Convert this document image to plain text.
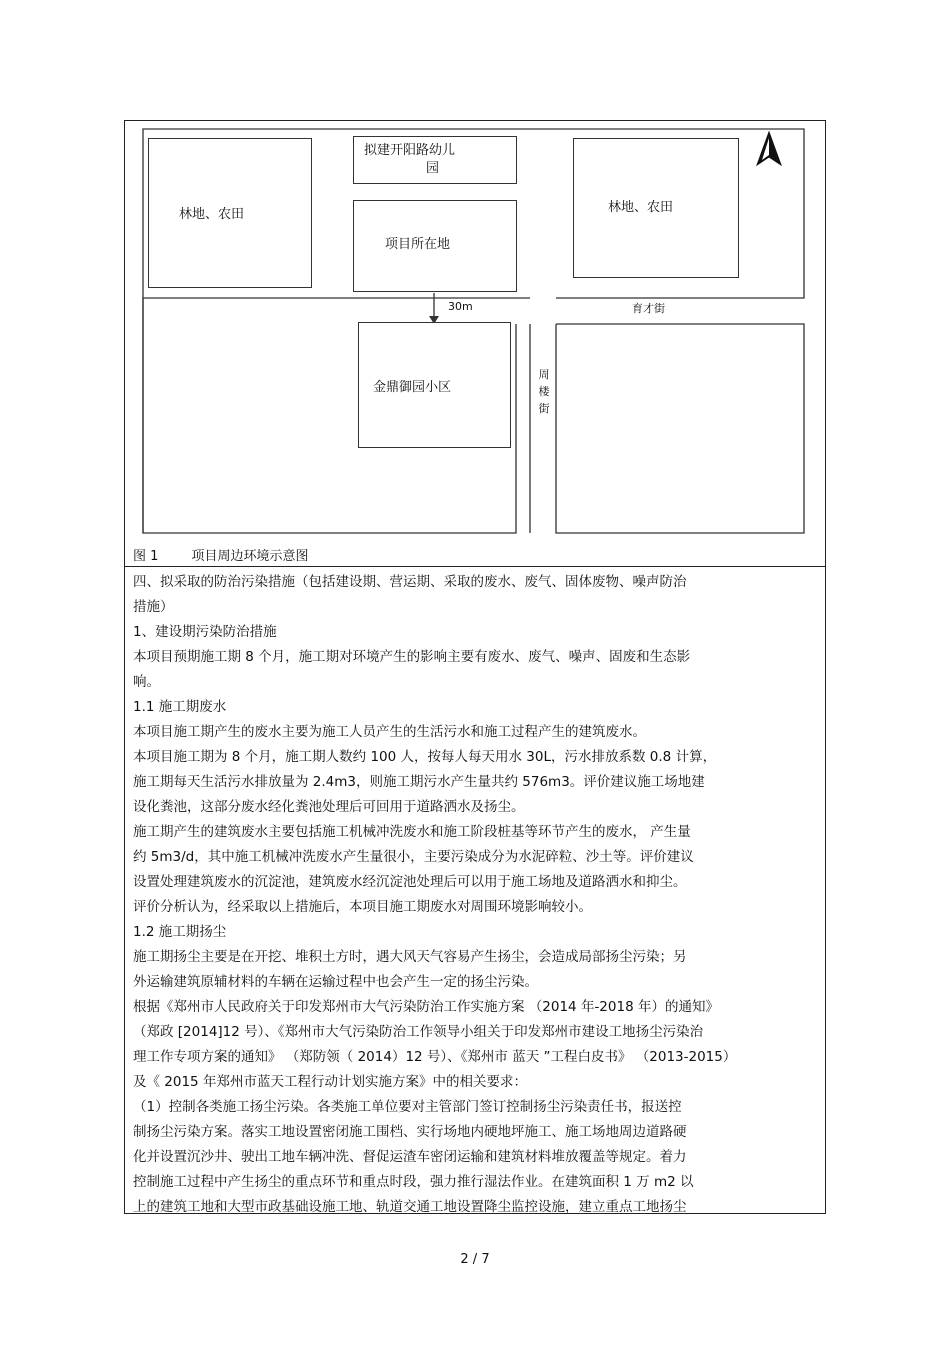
林地、农田
拟建开阳路幼儿
园
项目所在地
林地、农田
30m	育才街
金鼎御园小区
周
楼
街
图 1        项目周边环境示意图

四、拟采取的防治污染措施（包括建设期、营运期、采取的废水、废气、固体废物、噪声防治

措施）

1、建设期污染防治措施

本项目预期施工期 8 个月，施工期对环境产生的影响主要有废水、废气、噪声、固废和生态影

响。

1.1 施工期废水

本项目施工期产生的废水主要为施工人员产生的生活污水和施工过程产生的建筑废水。

本项目施工期为 8 个月，施工期人数约 100 人，按每人每天用水 30L，污水排放系数 0.8 计算，

施工期每天生活污水排放量为 2.4m3，则施工期污水产生量共约 576m3。评价建议施工场地建

设化粪池，这部分废水经化粪池处理后可回用于道路洒水及扬尘。

施工期产生的建筑废水主要包括施工机械冲洗废水和施工阶段桩基等环节产生的废水， 产生量

约 5m3/d，其中施工机械冲洗废水产生量很小，主要污染成分为水泥碎粒、沙土等。评价建议

设置处理建筑废水的沉淀池，建筑废水经沉淀池处理后可以用于施工场地及道路洒水和抑尘。

评价分析认为，经采取以上措施后，本项目施工期废水对周围环境影响较小。

1.2 施工期扬尘

施工期扬尘主要是在开挖、堆积土方时，遇大风天气容易产生扬尘，会造成局部扬尘污染；另

外运输建筑原辅材料的车辆在运输过程中也会产生一定的扬尘污染。

根据《郑州市人民政府关于印发郑州市大气污染防治工作实施方案 （2014 年-2018 年）的通知》

（郑政 [2014]12 号）、《郑州市大气污染防治工作领导小组关于印发郑州市建设工地扬尘污染治

理工作专项方案的通知》 （郑防领（ 2014）12 号）、《郑州市 蓝天 ”工程白皮书》 （2013-2015）

及《 2015 年郑州市蓝天工程行动计划实施方案》中的相关要求：

（1）控制各类施工扬尘污染。各类施工单位要对主管部门签订控制扬尘污染责任书，报送控

制扬尘污染方案。落实工地设置密闭施工围档、实行场地内硬地坪施工、施工场地周边道路硬

化并设置沉沙井、驶出工地车辆冲洗、督促运渣车密闭运输和建筑材料堆放覆盖等规定。着力

控制施工过程中产生扬尘的重点环节和重点时段，强力推行湿法作业。在建筑面积 1 万 m2 以

上的建筑工地和大型市政基础设施工地、轨道交通工地设置降尘监控设施，建立重点工地扬尘

2 / 7
